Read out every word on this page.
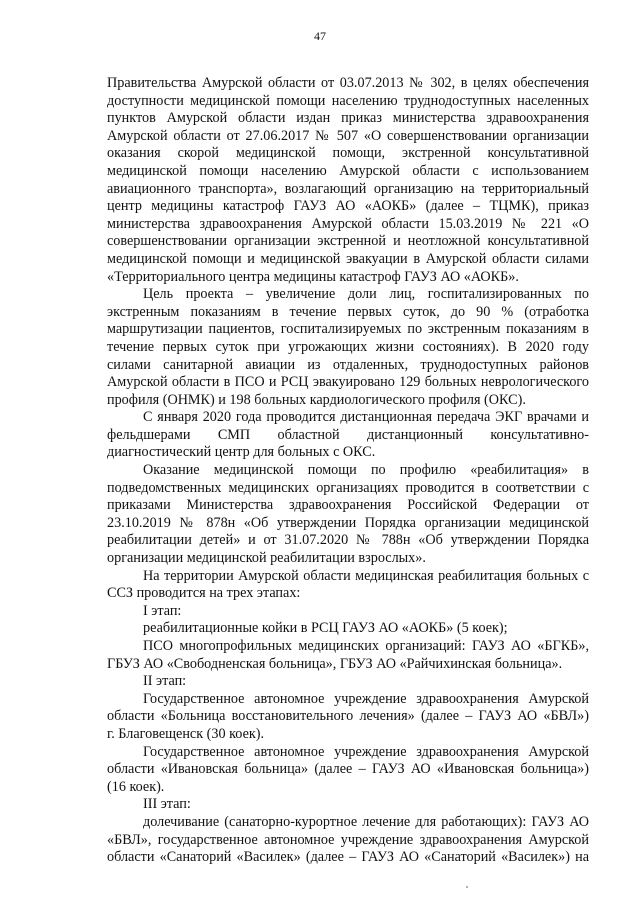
47
Правительства Амурской области от 03.07.2013 № 302, в целях обеспечения
доступности медицинской помощи населению труднодоступных населенных
пунктов Амурской области издан приказ министерства здравоохранения
Амурской области от 27.06.2017 № 507 «О совершенствовании организации
оказания скорой медицинской помощи, экстренной консультативной
медицинской помощи населению Амурской области с использованием
авиационного транспорта», возлагающий организацию на территориальный
центр медицины катастроф ГАУЗ АО «АОКБ» (далее – ТЦМК), приказ
министерства здравоохранения Амурской области 15.03.2019 № 221 «О
совершенствовании организации экстренной и неотложной консультативной
медицинской помощи и медицинской эвакуации в Амурской области силами
«Территориального центра медицины катастроф ГАУЗ АО «АОКБ».
Цель проекта – увеличение доли лиц, госпитализированных по
экстренным показаниям в течение первых суток, до 90 % (отработка
маршрутизации пациентов, госпитализируемых по экстренным показаниям в
течение первых суток при угрожающих жизни состояниях). В 2020 году
силами санитарной авиации из отдаленных, труднодоступных районов
Амурской области в ПСО и РСЦ эвакуировано 129 больных неврологического
профиля (ОНМК) и 198 больных кардиологического профиля (ОКС).
С января 2020 года проводится дистанционная передача ЭКГ врачами и
фельдшерами СМП областной дистанционный консультативно-
диагностический центр для больных с ОКС.
Оказание медицинской помощи по профилю «реабилитация» в
подведомственных медицинских организациях проводится в соответствии с
приказами Министерства здравоохранения Российской Федерации от
23.10.2019 № 878н «Об утверждении Порядка организации медицинской
реабилитации детей» и от 31.07.2020 № 788н «Об утверждении Порядка
организации медицинской реабилитации взрослых».
На территории Амурской области медицинская реабилитация больных с
ССЗ проводится на трех этапах:
I этап:
реабилитационные койки в РСЦ ГАУЗ АО «АОКБ» (5 коек);
ПСО многопрофильных медицинских организаций: ГАУЗ АО «БГКБ»,
ГБУЗ АО «Свободненская больница», ГБУЗ АО «Райчихинская больница».
II этап:
Государственное автономное учреждение здравоохранения Амурской
области «Больница восстановительного лечения» (далее – ГАУЗ АО «БВЛ»)
г. Благовещенск (30 коек).
Государственное автономное учреждение здравоохранения Амурской
области «Ивановская больница» (далее – ГАУЗ АО «Ивановская больница»)
(16 коек).
III этап:
долечивание (санаторно-курортное лечение для работающих): ГАУЗ АО
«БВЛ», государственное автономное учреждение здравоохранения Амурской
области «Санаторий «Василек» (далее – ГАУЗ АО «Санаторий «Василек») на
